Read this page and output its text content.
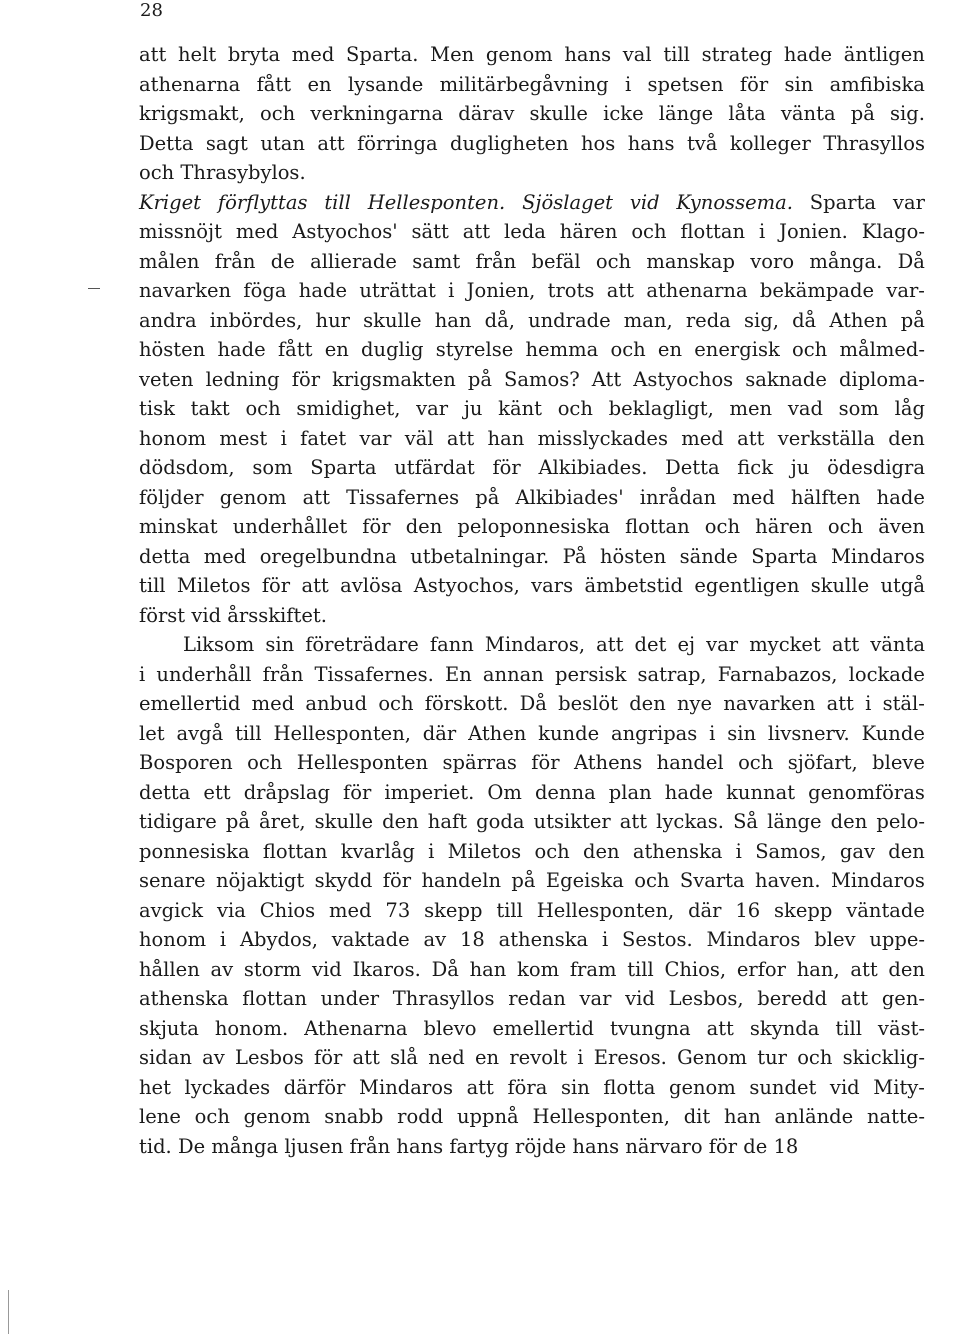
28
att helt bryta med Sparta. Men genom hans val till strateg hade äntligen
athenarna fått en lysande militärbegåvning i spetsen för sin amfibiska
krigsmakt, och verkningarna därav skulle icke länge låta vänta på sig.
Detta sagt utan att förringa dugligheten hos hans två kolleger Thrasyllos
och Thrasybylos.
Kriget förflyttas till Hellesponten. Sjöslaget vid Kynossema. Sparta var
missnöjt med Astyochos' sätt att leda hären och flottan i Jonien. Klago-
målen från de allierade samt från befäl och manskap voro många. Då
navarken föga hade uträttat i Jonien, trots att athenarna bekämpade var-
andra inbördes, hur skulle han då, undrade man, reda sig, då Athen på
hösten hade fått en duglig styrelse hemma och en energisk och målmed-
veten ledning för krigsmakten på Samos? Att Astyochos saknade diploma-
tisk takt och smidighet, var ju känt och beklagligt, men vad som låg
honom mest i fatet var väl att han misslyckades med att verkställa den
dödsdom, som Sparta utfärdat för Alkibiades. Detta fick ju ödesdigra
följder genom att Tissafernes på Alkibiades' inrådan med hälften hade
minskat underhållet för den peloponnesiska flottan och hären och även
detta med oregelbundna utbetalningar. På hösten sände Sparta Mindaros
till Miletos för att avlösa Astyochos, vars ämbetstid egentligen skulle utgå
först vid årsskiftet.
Liksom sin företrädare fann Mindaros, att det ej var mycket att vänta
i underhåll från Tissafernes. En annan persisk satrap, Farnabazos, lockade
emellertid med anbud och förskott. Då beslöt den nye navarken att i stäl-
let avgå till Hellesponten, där Athen kunde angripas i sin livsnerv. Kunde
Bosporen och Hellesponten spärras för Athens handel och sjöfart, bleve
detta ett dråpslag för imperiet. Om denna plan hade kunnat genomföras
tidigare på året, skulle den haft goda utsikter att lyckas. Så länge den pelo-
ponnesiska flottan kvarlåg i Miletos och den athenska i Samos, gav den
senare nöjaktigt skydd för handeln på Egeiska och Svarta haven. Mindaros
avgick via Chios med 73 skepp till Hellesponten, där 16 skepp väntade
honom i Abydos, vaktade av 18 athenska i Sestos. Mindaros blev uppe-
hållen av storm vid Ikaros. Då han kom fram till Chios, erfor han, att den
athenska flottan under Thrasyllos redan var vid Lesbos, beredd att gen-
skjuta honom. Athenarna blevo emellertid tvungna att skynda till väst-
sidan av Lesbos för att slå ned en revolt i Eresos. Genom tur och skicklig-
het lyckades därför Mindaros att föra sin flotta genom sundet vid Mity-
lene och genom snabb rodd uppnå Hellesponten, dit han anlände natte-
tid. De många ljusen från hans fartyg röjde hans närvaro för de 18
